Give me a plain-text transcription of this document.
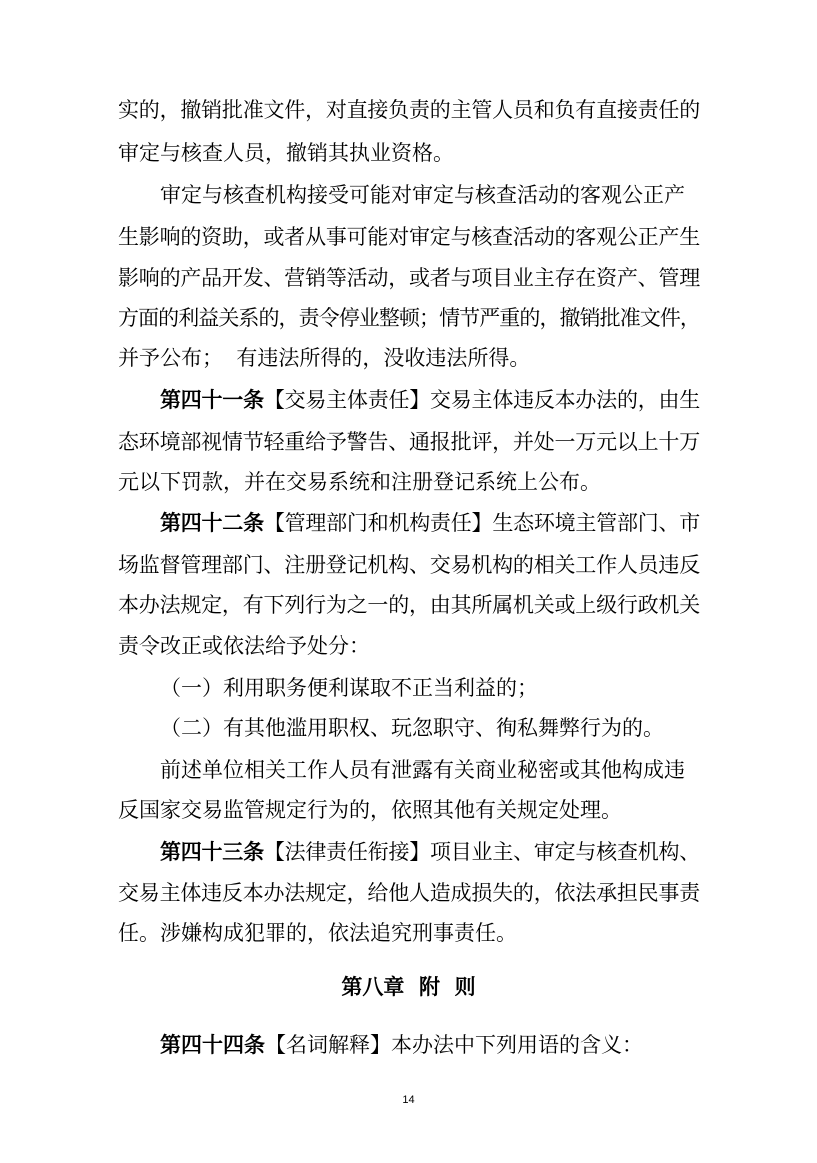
实的，撤销批准文件，对直接负责的主管人员和负有直接责任的
审定与核查人员，撤销其执业资格。
审定与核查机构接受可能对审定与核查活动的客观公正产
生影响的资助，或者从事可能对审定与核查活动的客观公正产生
影响的产品开发、营销等活动，或者与项目业主存在资产、管理
方面的利益关系的，责令停业整顿；情节严重的，撤销批准文件，
并予公布；  有违法所得的，没收违法所得。
第四十一条【交易主体责任】交易主体违反本办法的，由生
态环境部视情节轻重给予警告、通报批评，并处一万元以上十万
元以下罚款，并在交易系统和注册登记系统上公布。
第四十二条【管理部门和机构责任】生态环境主管部门、市
场监督管理部门、注册登记机构、交易机构的相关工作人员违反
本办法规定，有下列行为之一的，由其所属机关或上级行政机关
责令改正或依法给予处分：
（一）利用职务便利谋取不正当利益的；
（二）有其他滥用职权、玩忽职守、徇私舞弊行为的。
前述单位相关工作人员有泄露有关商业秘密或其他构成违
反国家交易监管规定行为的，依照其他有关规定处理。
第四十三条【法律责任衔接】项目业主、审定与核查机构、
交易主体违反本办法规定，给他人造成损失的，依法承担民事责
任。涉嫌构成犯罪的，依法追究刑事责任。
第八章  附  则
第四十四条【名词解释】本办法中下列用语的含义：
14
